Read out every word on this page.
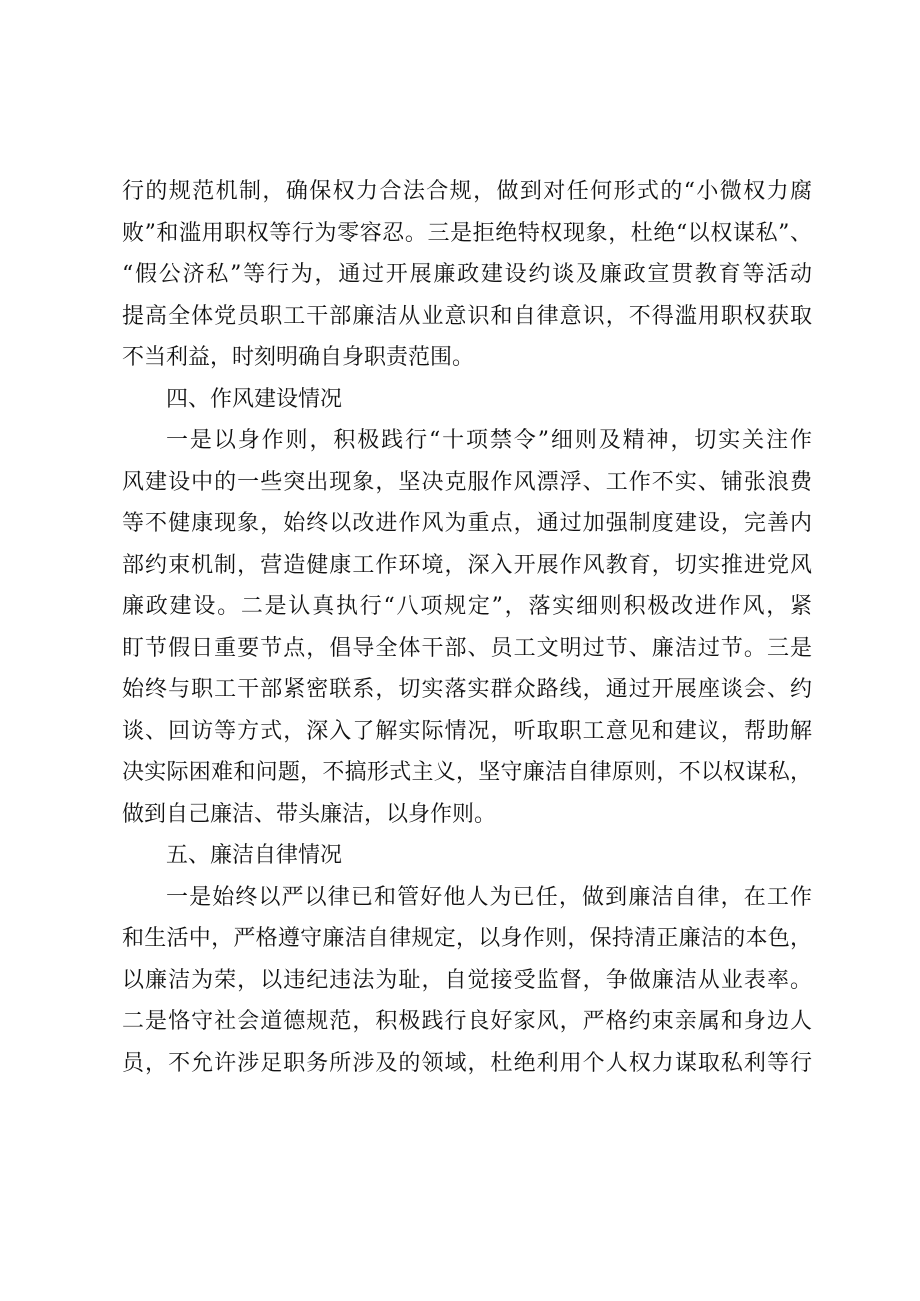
行的规范机制，确保权力合法合规，做到对任何形式的“小微权力腐
败”和滥用职权等行为零容忍。三是拒绝特权现象，杜绝“以权谋私”、
“假公济私”等行为，通过开展廉政建设约谈及廉政宣贯教育等活动
提高全体党员职工干部廉洁从业意识和自律意识，不得滥用职权获取
不当利益，时刻明确自身职责范围。
四、作风建设情况
一是以身作则，积极践行“十项禁令”细则及精神，切实关注作
风建设中的一些突出现象，坚决克服作风漂浮、工作不实、铺张浪费
等不健康现象，始终以改进作风为重点，通过加强制度建设，完善内
部约束机制，营造健康工作环境，深入开展作风教育，切实推进党风
廉政建设。二是认真执行“八项规定”，落实细则积极改进作风，紧
盯节假日重要节点，倡导全体干部、员工文明过节、廉洁过节。三是
始终与职工干部紧密联系，切实落实群众路线，通过开展座谈会、约
谈、回访等方式，深入了解实际情况，听取职工意见和建议，帮助解
决实际困难和问题，不搞形式主义，坚守廉洁自律原则，不以权谋私，
做到自己廉洁、带头廉洁，以身作则。
五、廉洁自律情况
一是始终以严以律已和管好他人为已任，做到廉洁自律，在工作
和生活中，严格遵守廉洁自律规定，以身作则，保持清正廉洁的本色，
以廉洁为荣，以违纪违法为耻，自觉接受监督，争做廉洁从业表率。
二是恪守社会道德规范，积极践行良好家风，严格约束亲属和身边人
员，不允许涉足职务所涉及的领域，杜绝利用个人权力谋取私利等行
